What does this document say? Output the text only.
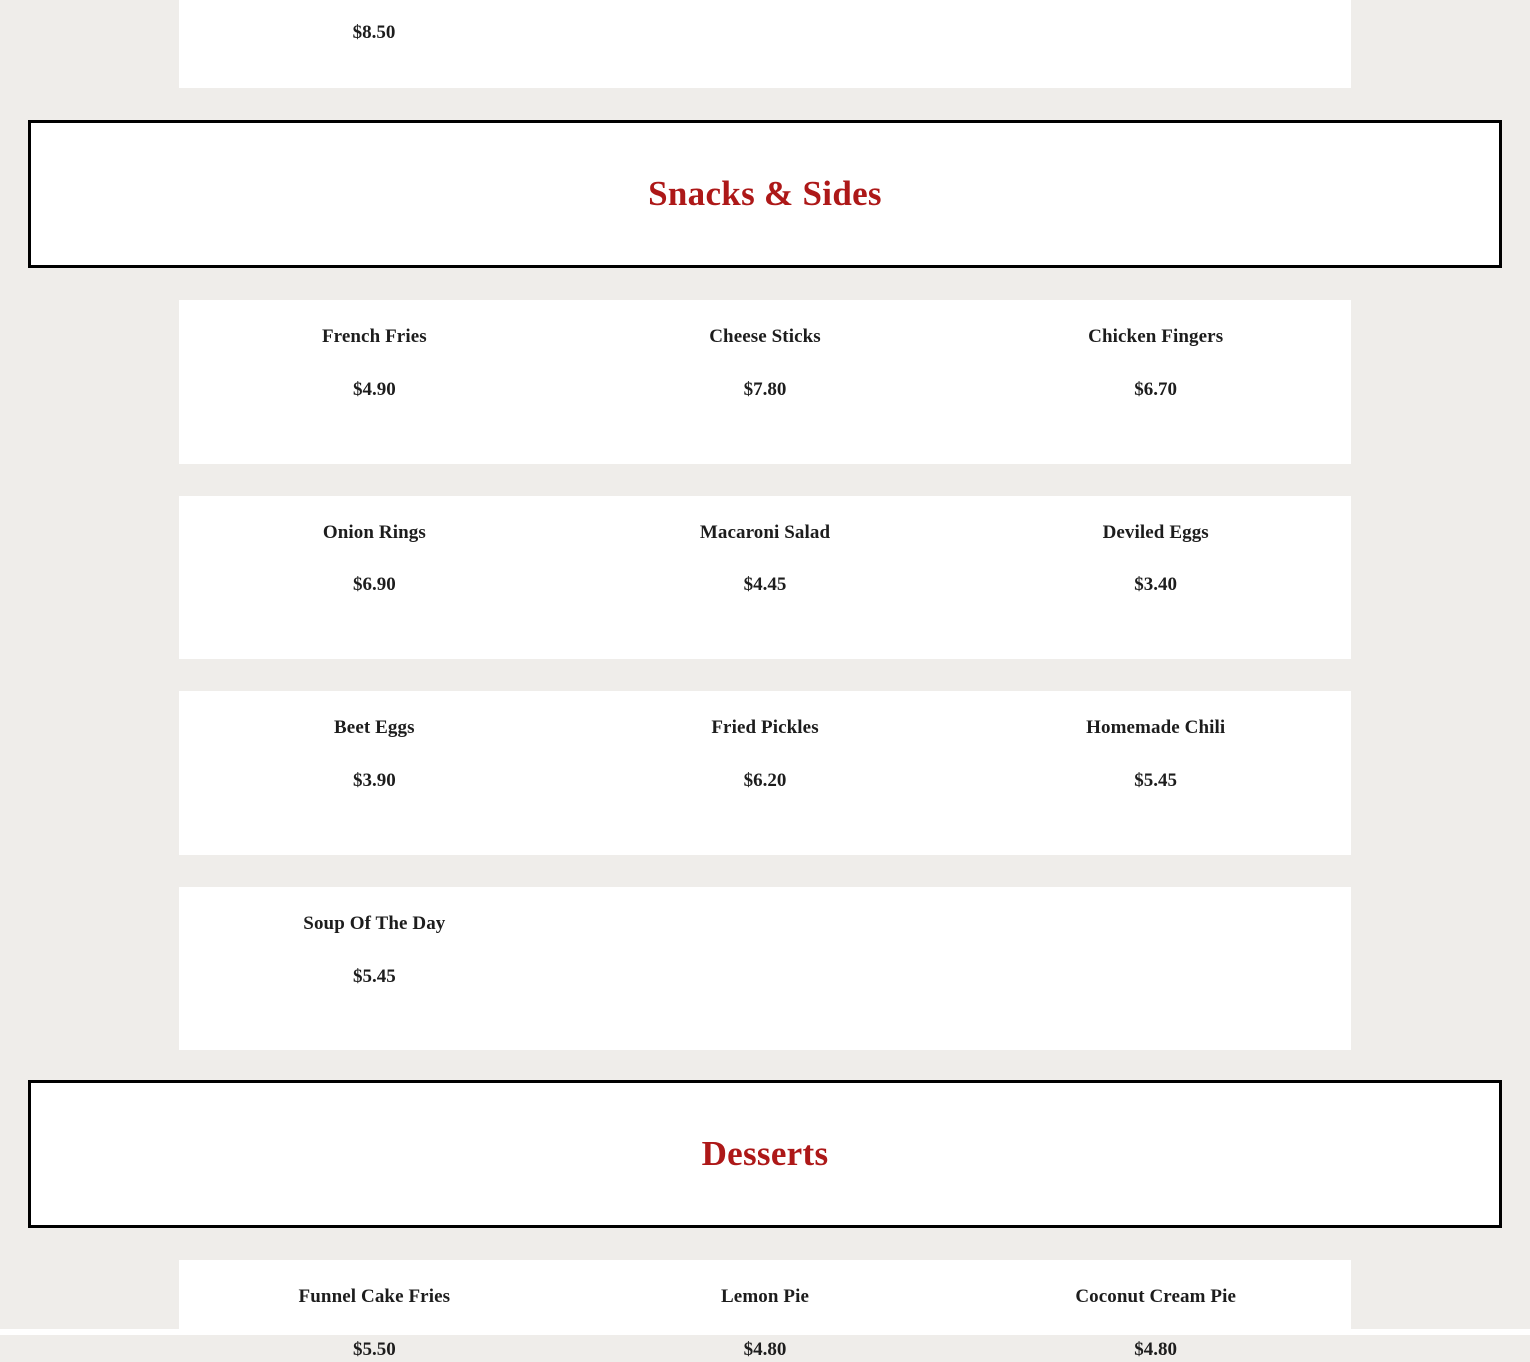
$8.50
Snacks & Sides
French Fries
$4.90
Cheese Sticks
$7.80
Chicken Fingers
$6.70
Onion Rings
$6.90
Macaroni Salad
$4.45
Deviled Eggs
$3.40
Beet Eggs
$3.90
Fried Pickles
$6.20
Homemade Chili
$5.45
Soup Of The Day
$5.45
Desserts
Funnel Cake Fries
$5.50
Lemon Pie
$4.80
Coconut Cream Pie
$4.80
